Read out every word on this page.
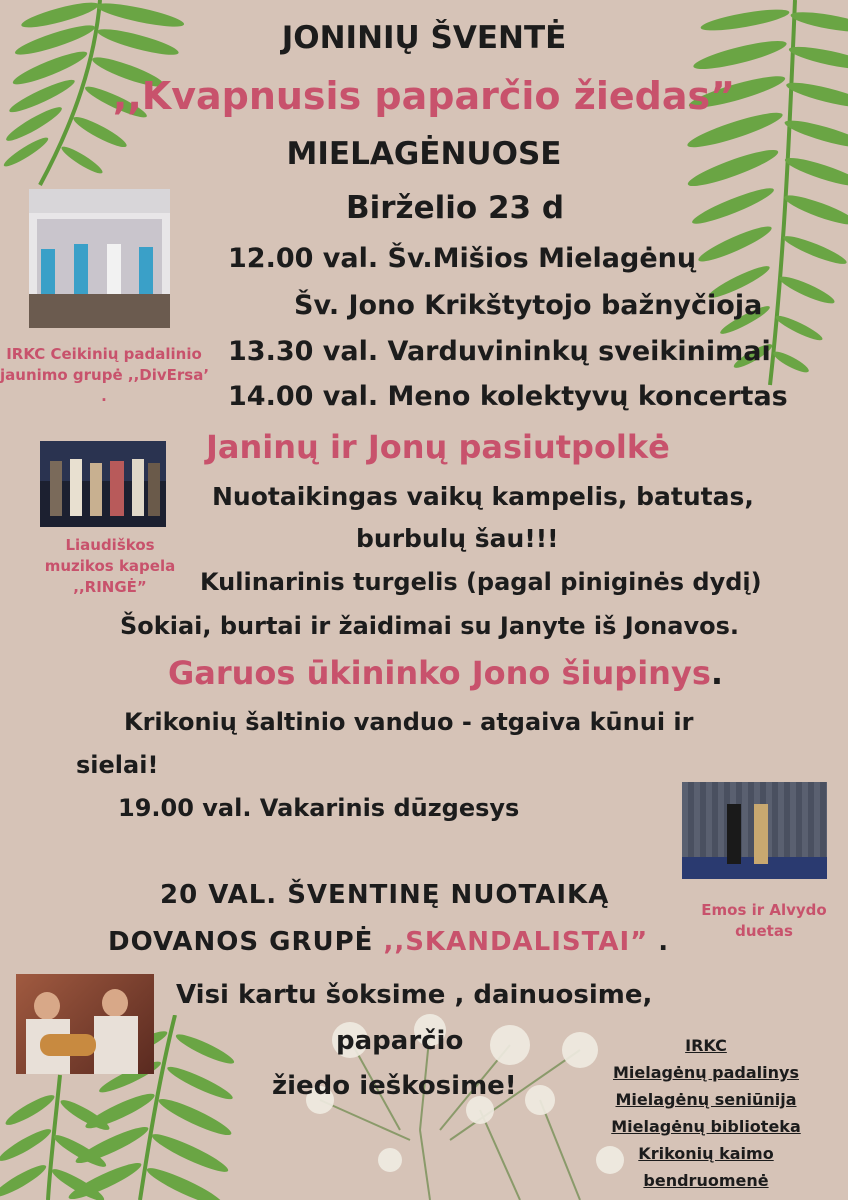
JONINIŲ ŠVENTĖ
,,Kvapnusis paparčio žiedas”
MIELAGĖNUOSE
Birželio 23 d
12.00 val. Šv.Mišios Mielagėnų
Šv. Jono Krikštytojo bažnyčioja
13.30 val. Varduvininkų sveikinimai
14.00 val. Meno kolektyvų koncertas
Janinų ir Jonų pasiutpolkė
Nuotaikingas vaikų kampelis, batutas,
burbulų šau!!!
Kulinarinis turgelis (pagal piniginės dydį)
Šokiai, burtai ir žaidimai su Janyte iš Jonavos.
Garuos ūkininko Jono šiupinys.
Krikonių šaltinio vanduo - atgaiva kūnui ir
sielai!
19.00 val. Vakarinis dūzgesys
20 VAL. ŠVENTINĘ NUOTAIKĄ
DOVANOS GRUPĖ ,,SKANDALISTAI” .
Visi kartu šoksime , dainuosime,
paparčio
žiedo ieškosime!
IRKC Ceikinių padalinio
jaunimo grupė ,,DivErsa’
.
Liaudiškos
muzikos kapela
,,RINGĖ”
Emos ir Alvydo
duetas
IRKC
Mielagėnų padalinys
Mielagėnų seniūnija
Mielagėnų biblioteka
Krikonių kaimo
bendruomenė
